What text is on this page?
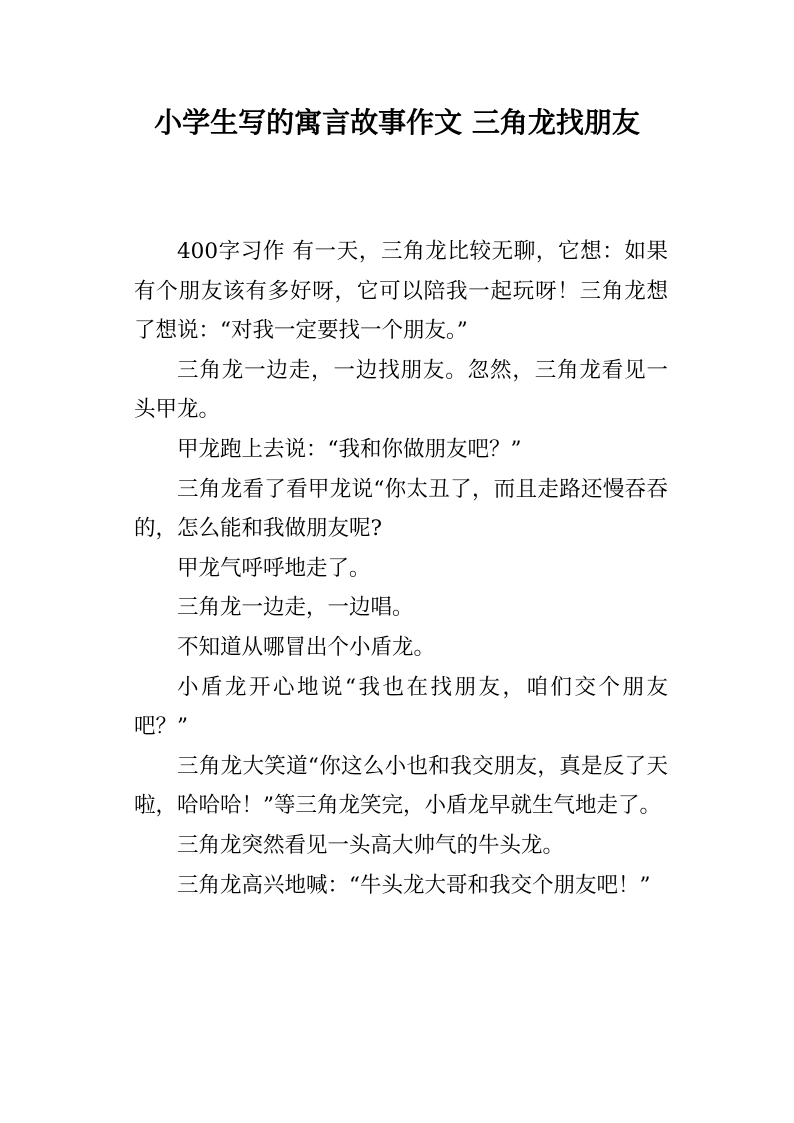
小学生写的寓言故事作文 三角龙找朋友

400字习作 有一天，三角龙比较无聊，它想：如果有个朋友该有多好呀，它可以陪我一起玩呀！三角龙想了想说：“对我一定要找一个朋友。”

三角龙一边走，一边找朋友。忽然，三角龙看见一头甲龙。

甲龙跑上去说：“我和你做朋友吧？”

三角龙看了看甲龙说“你太丑了，而且走路还慢吞吞的，怎么能和我做朋友呢?

甲龙气呼呼地走了。

三角龙一边走，一边唱。

不知道从哪冒出个小盾龙。

小盾龙开心地说“我也在找朋友，咱们交个朋友吧？”

三角龙大笑道“你这么小也和我交朋友，真是反了天啦，哈哈哈！”等三角龙笑完，小盾龙早就生气地走了。

三角龙突然看见一头高大帅气的牛头龙。

三角龙高兴地喊：“牛头龙大哥和我交个朋友吧！”
